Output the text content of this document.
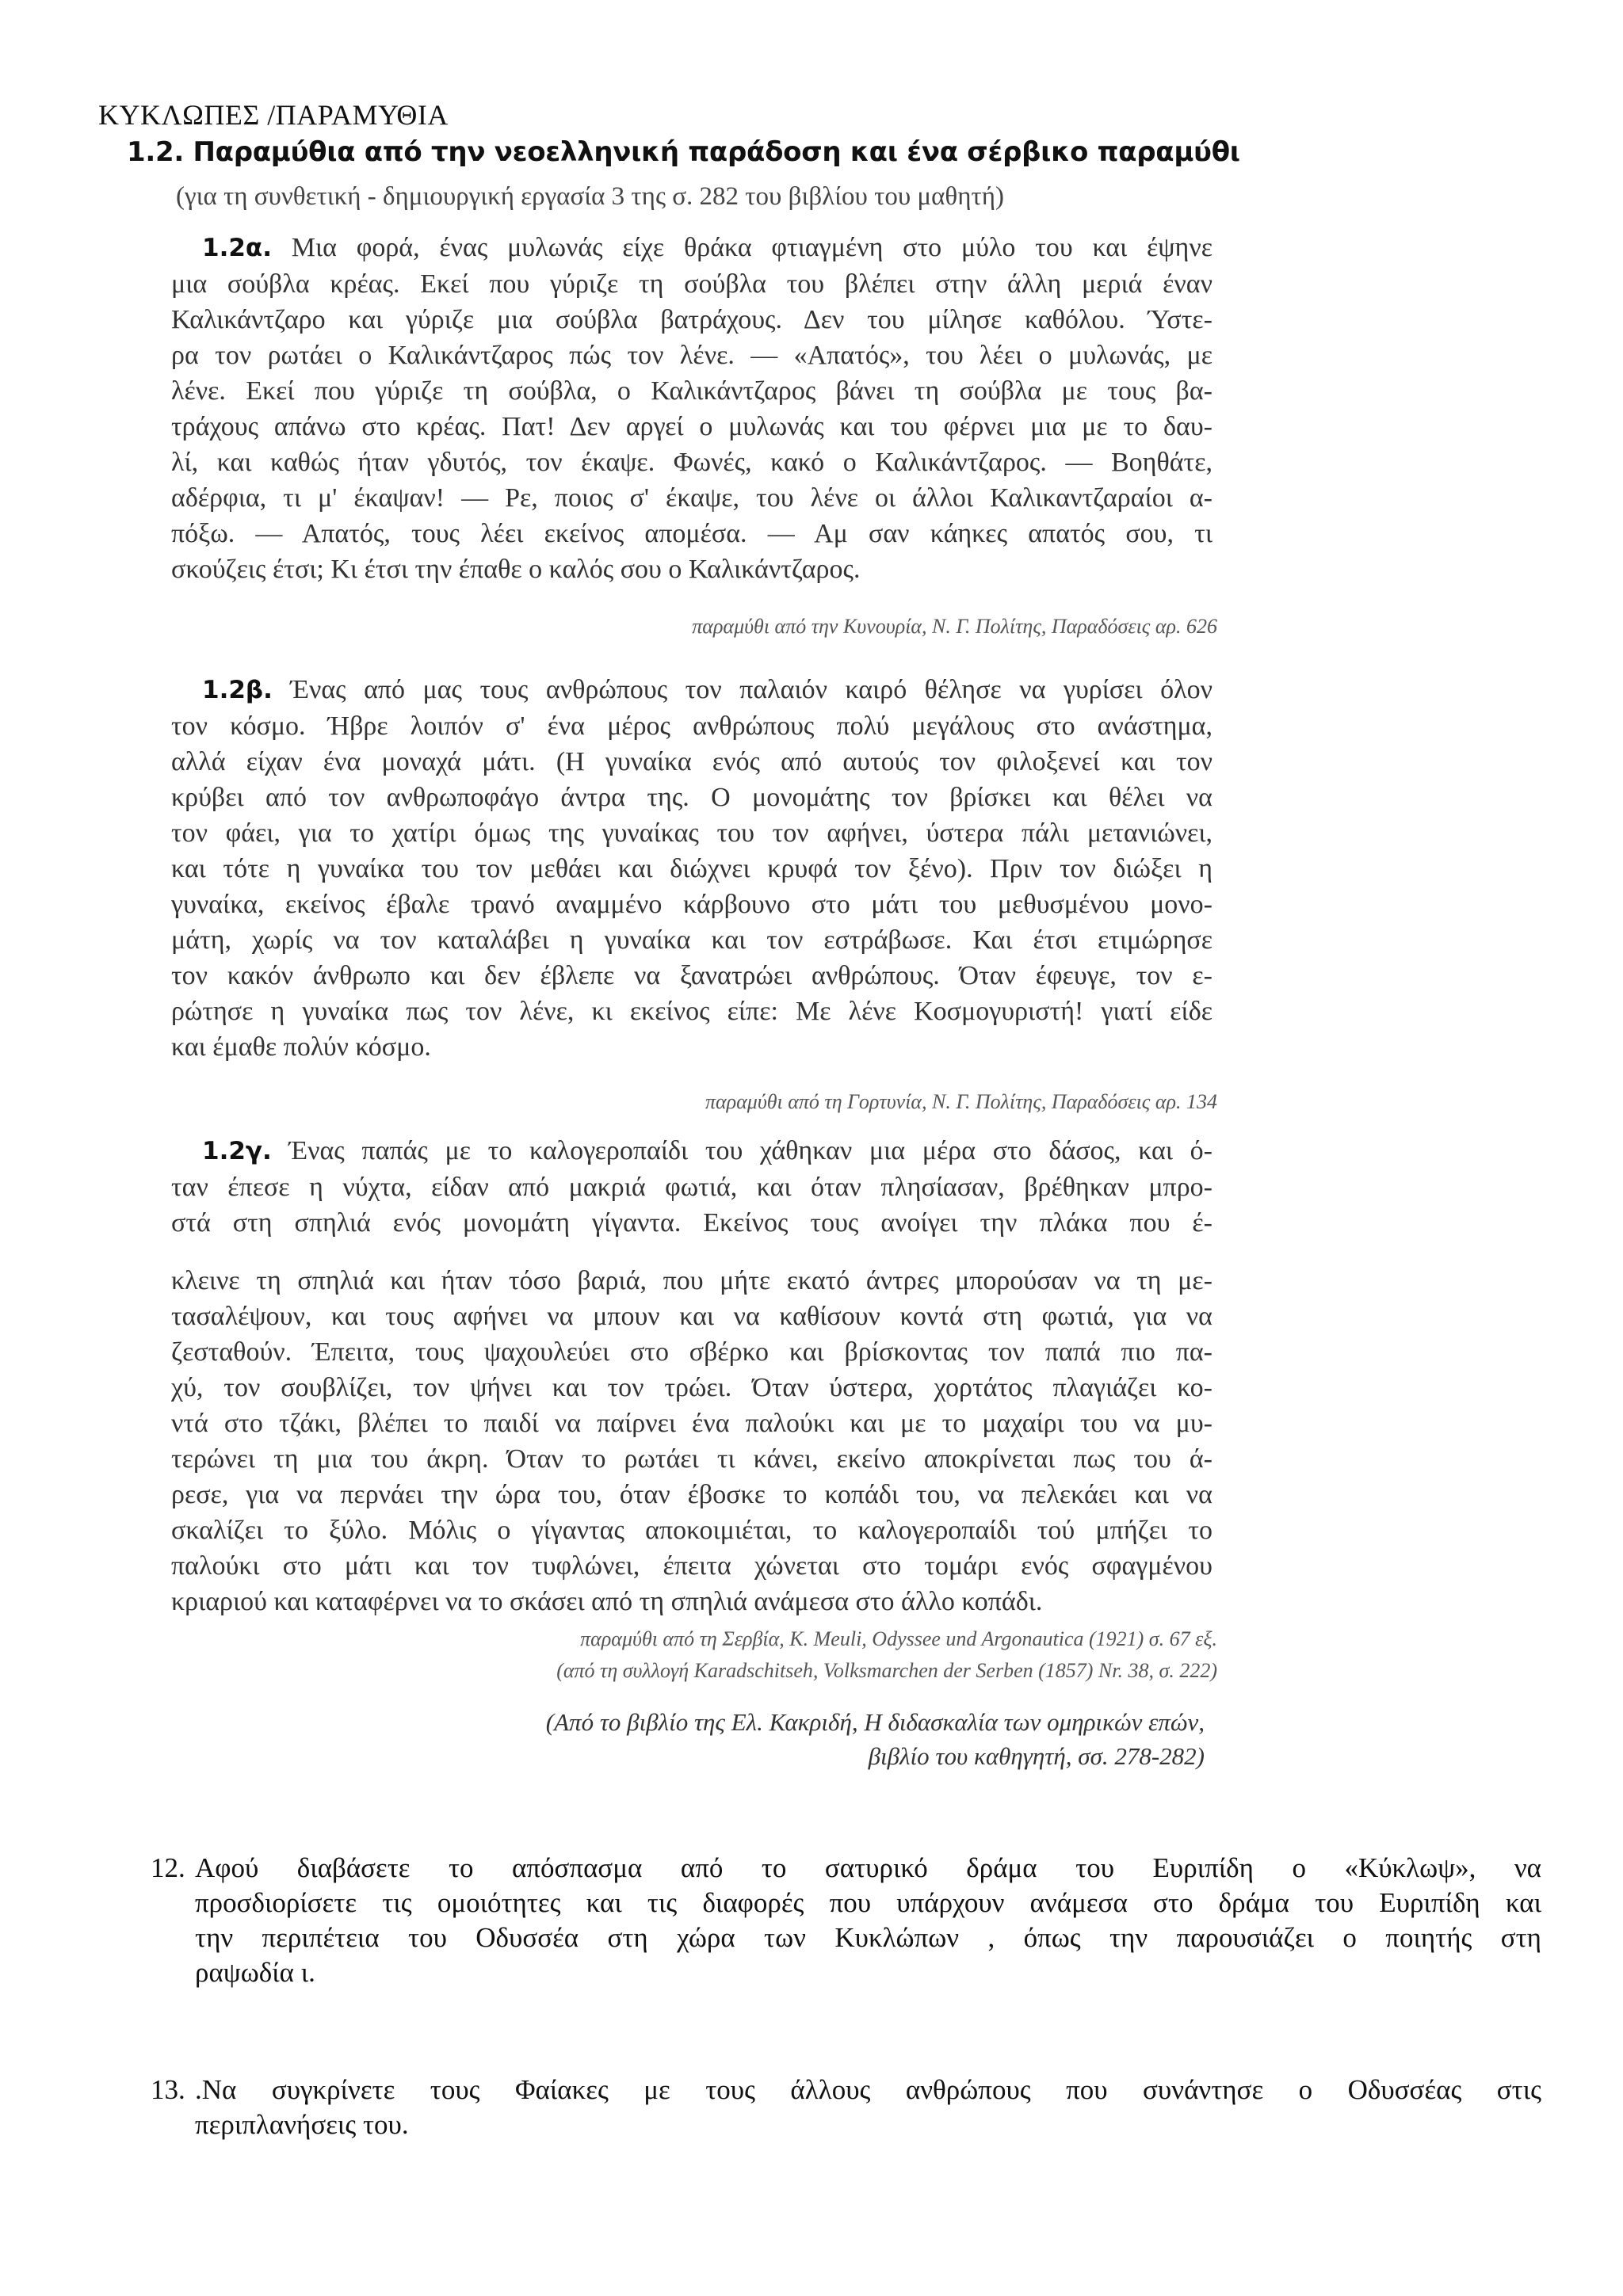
ΚΥΚΛΩΠΕΣ /ΠΑΡΑΜΥΘΙΑ
1.2. Παραμύθια από την νεοελληνική παράδοση και ένα σέρβικο παραμύθι
(για τη συνθετική - δημιουργική εργασία 3 της σ. 282 του βιβλίου του μαθητή)
1.2α. Μια φορά, ένας μυλωνάς είχε θράκα φτιαγμένη στο μύλο του και έψηνε
μια σούβλα κρέας. Εκεί που γύριζε τη σούβλα του βλέπει στην άλλη μεριά έναν
Καλικάντζαρο και γύριζε μια σούβλα βατράχους. Δεν του μίλησε καθόλου. Ύστε-
ρα τον ρωτάει ο Καλικάντζαρος πώς τον λένε. — «Απατός», του λέει ο μυλωνάς, με
λένε. Εκεί που γύριζε τη σούβλα, ο Καλικάντζαρος βάνει τη σούβλα με τους βα-
τράχους απάνω στο κρέας. Πατ! Δεν αργεί ο μυλωνάς και του φέρνει μια με το δαυ-
λί, και καθώς ήταν γδυτός, τον έκαψε. Φωνές, κακό ο Καλικάντζαρος. — Βοηθάτε,
αδέρφια, τι μ' έκαψαν! — Ρε, ποιος σ' έκαψε, του λένε οι άλλοι Καλικαντζαραίοι α-
πόξω. — Απατός, τους λέει εκείνος απομέσα. — Αμ σαν κάηκες απατός σου, τι
σκούζεις έτσι; Κι έτσι την έπαθε ο καλός σου ο Καλικάντζαρος.
παραμύθι από την Κυνουρία, Ν. Γ. Πολίτης, Παραδόσεις αρ. 626
1.2β. Ένας από μας τους ανθρώπους τον παλαιόν καιρό θέλησε να γυρίσει όλον
τον κόσμο. Ήβρε λοιπόν σ' ένα μέρος ανθρώπους πολύ μεγάλους στο ανάστημα,
αλλά είχαν ένα μοναχά μάτι. (Η γυναίκα ενός από αυτούς τον φιλοξενεί και τον
κρύβει από τον ανθρωποφάγο άντρα της. Ο μονομάτης τον βρίσκει και θέλει να
τον φάει, για το χατίρι όμως της γυναίκας του τον αφήνει, ύστερα πάλι μετανιώνει,
και τότε η γυναίκα του τον μεθάει και διώχνει κρυφά τον ξένο). Πριν τον διώξει η
γυναίκα, εκείνος έβαλε τρανό αναμμένο κάρβουνο στο μάτι του μεθυσμένου μονο-
μάτη, χωρίς να τον καταλάβει η γυναίκα και τον εστράβωσε. Και έτσι ετιμώρησε
τον κακόν άνθρωπο και δεν έβλεπε να ξανατρώει ανθρώπους. Όταν έφευγε, τον ε-
ρώτησε η γυναίκα πως τον λένε, κι εκείνος είπε: Με λένε Κοσμογυριστή! γιατί είδε
και έμαθε πολύν κόσμο.
παραμύθι από τη Γορτυνία, Ν. Γ. Πολίτης, Παραδόσεις αρ. 134
1.2γ. Ένας παπάς με το καλογεροπαίδι του χάθηκαν μια μέρα στο δάσος, και ό-
ταν έπεσε η νύχτα, είδαν από μακριά φωτιά, και όταν πλησίασαν, βρέθηκαν μπρο-
στά στη σπηλιά ενός μονομάτη γίγαντα. Εκείνος τους ανοίγει την πλάκα που έ-
κλεινε τη σπηλιά και ήταν τόσο βαριά, που μήτε εκατό άντρες μπορούσαν να τη με-
τασαλέψουν, και τους αφήνει να μπουν και να καθίσουν κοντά στη φωτιά, για να
ζεσταθούν. Έπειτα, τους ψαχουλεύει στο σβέρκο και βρίσκοντας τον παπά πιο πα-
χύ, τον σουβλίζει, τον ψήνει και τον τρώει. Όταν ύστερα, χορτάτος πλαγιάζει κο-
ντά στο τζάκι, βλέπει το παιδί να παίρνει ένα παλούκι και με το μαχαίρι του να μυ-
τερώνει τη μια του άκρη. Όταν το ρωτάει τι κάνει, εκείνο αποκρίνεται πως του ά-
ρεσε, για να περνάει την ώρα του, όταν έβοσκε το κοπάδι του, να πελεκάει και να
σκαλίζει το ξύλο. Μόλις ο γίγαντας αποκοιμιέται, το καλογεροπαίδι τού μπήζει το
παλούκι στο μάτι και τον τυφλώνει, έπειτα χώνεται στο τομάρι ενός σφαγμένου
κριαριού και καταφέρνει να το σκάσει από τη σπηλιά ανάμεσα στο άλλο κοπάδι.
παραμύθι από τη Σερβία, K. Meuli, Odyssee und Argonautica (1921) σ. 67 εξ.
(από τη συλλογή Karadschitseh, Volksmarchen der Serben (1857) Nr. 38, σ. 222)
(Από το βιβλίο της Ελ. Κακριδή, Η διδασκαλία των ομηρικών επών,
βιβλίο του καθηγητή, σσ. 278-282)
12. Αφού διαβάσετε το απόσπασμα από το σατυρικό δράμα του Ευριπίδη ο «Κύκλωψ», να
προσδιορίσετε τις ομοιότητες και τις διαφορές που υπάρχουν ανάμεσα στο δράμα του Ευριπίδη και
την περιπέτεια του Οδυσσέα στη χώρα των Κυκλώπων , όπως την παρουσιάζει ο ποιητής στη
ραψωδία ι.
13. .Να συγκρίνετε τους Φαίακες με τους άλλους ανθρώπους που συνάντησε ο Οδυσσέας στις
περιπλανήσεις του.
